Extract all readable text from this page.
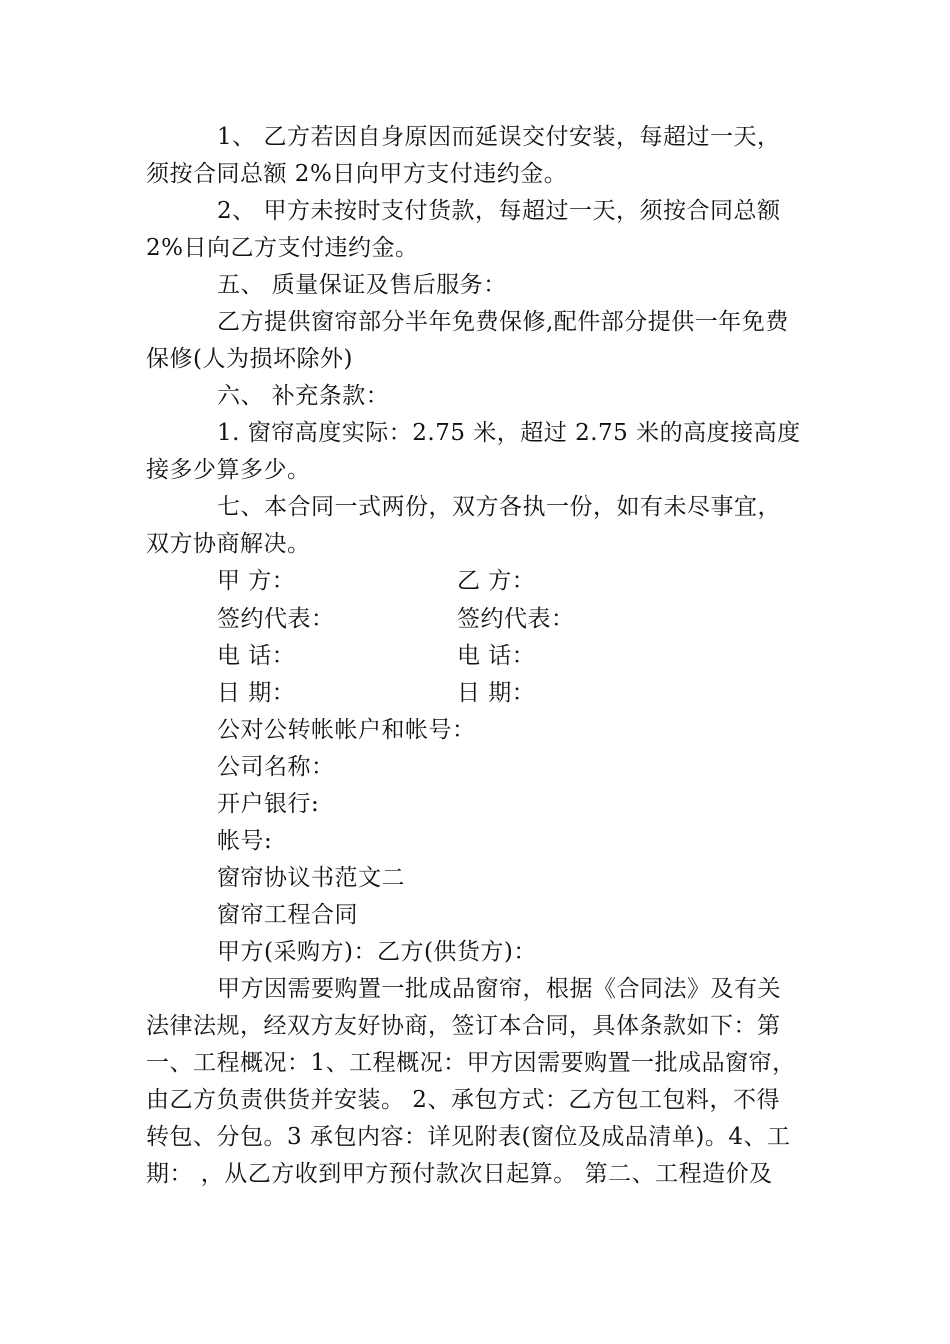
1、 乙方若因自身原因而延误交付安装，每超过一天，
须按合同总额 2%日向甲方支付违约金。
2、 甲方未按时支付货款，每超过一天，须按合同总额
2%日向乙方支付违约金。
五、 质量保证及售后服务：
乙方提供窗帘部分半年免费保修,配件部分提供一年免费
保修(人为损坏除外)
六、 补充条款：
1. 窗帘高度实际：2.75 米，超过 2.75 米的高度接高度
接多少算多少。
七、本合同一式两份，双方各执一份，如有未尽事宜，
双方协商解决。
甲 方：	乙 方：
签约代表：	签约代表：
电 话：	电 话：
日 期：	日 期：
公对公转帐帐户和帐号：
公司名称：
开户银行:
帐号:
窗帘协议书范文二
窗帘工程合同
甲方(采购方)：乙方(供货方)：
甲方因需要购置一批成品窗帘，根据《合同法》及有关
法律法规，经双方友好协商，签订本合同，具体条款如下：第
一、工程概况：1、工程概况：甲方因需要购置一批成品窗帘，
由乙方负责供货并安装。 2、承包方式：乙方包工包料，不得
转包、分包。3 承包内容：详见附表(窗位及成品清单)。4、工
期： ，从乙方收到甲方预付款次日起算。 第二、工程造价及
